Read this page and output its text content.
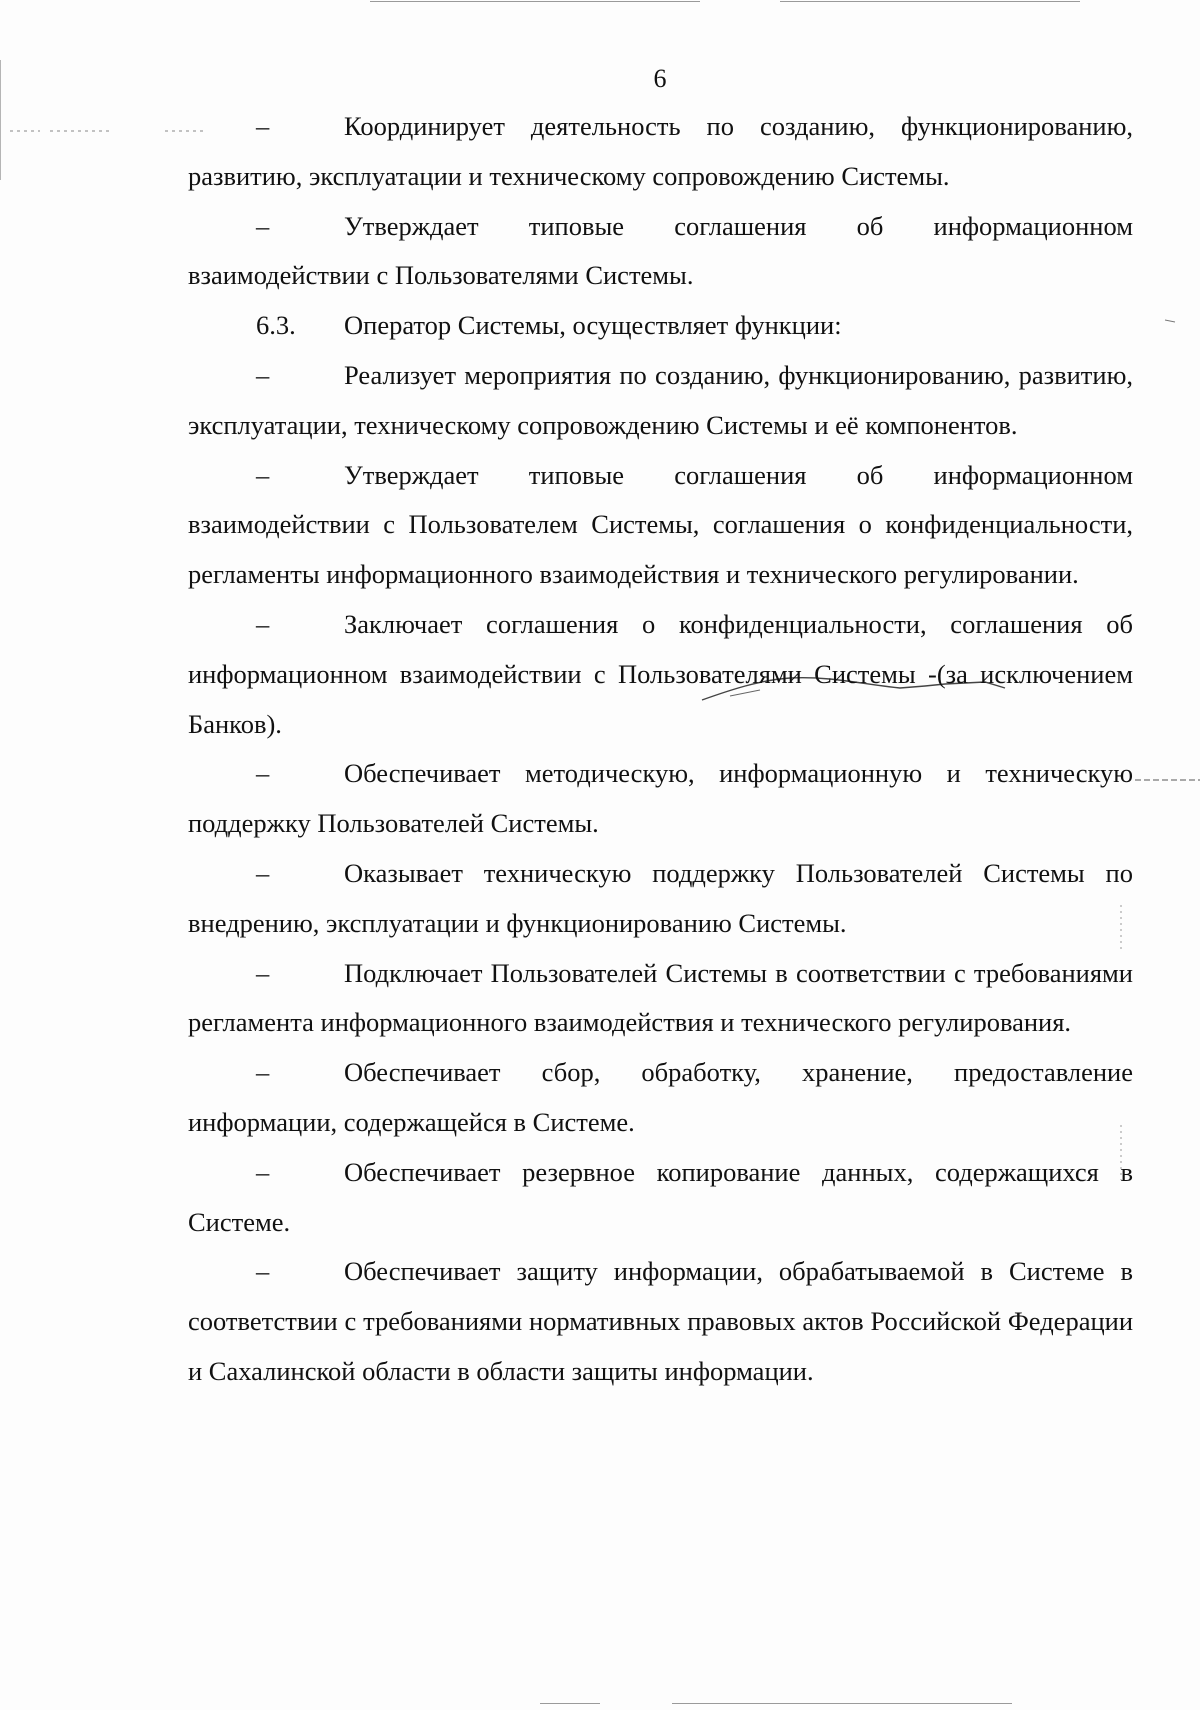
6

–	Координирует деятельность по созданию, функционированию, развитию, эксплуатации и техническому сопровождению Системы.

–	Утверждает типовые соглашения об информационном взаимодействии с Пользователями Системы.

6.3. Оператор Системы, осуществляет функции:

–	Реализует мероприятия по созданию, функционированию, развитию, эксплуатации, техническому сопровождению Системы и её компонентов.

–	Утверждает типовые соглашения об информационном взаимодействии с Пользователем Системы, соглашения о конфиденциальности, регламенты информационного взаимодействия и технического регулировании.

–	Заключает соглашения о конфиденциальности, соглашения об информационном взаимодействии с Пользователями Системы -(за исключением Банков).

–	Обеспечивает методическую, информационную и техническую поддержку Пользователей Системы.

–	Оказывает техническую поддержку Пользователей Системы по внедрению, эксплуатации и функционированию Системы.

–	Подключает Пользователей Системы в соответствии с требованиями регламента информационного взаимодействия и технического регулирования.

–	Обеспечивает сбор, обработку, хранение, предоставление информации, содержащейся в Системе.

–	Обеспечивает резервное копирование данных, содержащихся в Системе.

–	Обеспечивает защиту информации, обрабатываемой в Системе в соответствии с требованиями нормативных правовых актов Российской Федерации и Сахалинской области в области защиты информации.
